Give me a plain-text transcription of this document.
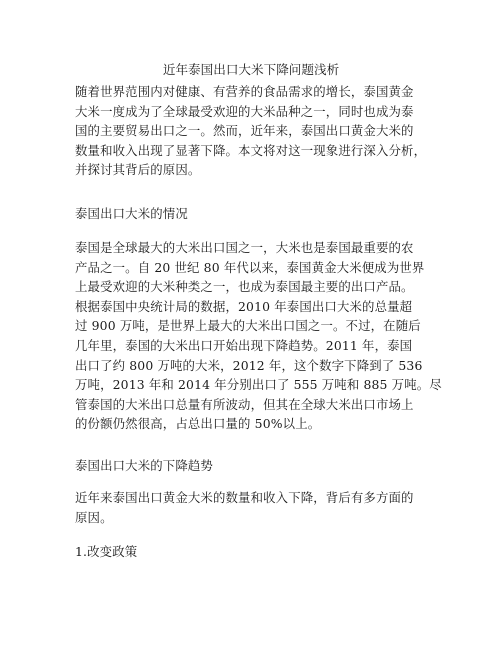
近年泰国出口大米下降问题浅析

随着世界范围内对健康、有营养的食品需求的增长，泰国黄金
大米一度成为了全球最受欢迎的大米品种之一，同时也成为泰
国的主要贸易出口之一。然而，近年来，泰国出口黄金大米的
数量和收入出现了显著下降。本文将对这一现象进行深入分析，
并探讨其背后的原因。

泰国出口大米的情况

泰国是全球最大的大米出口国之一，大米也是泰国最重要的农
产品之一。自 20 世纪 80 年代以来，泰国黄金大米便成为世界
上最受欢迎的大米种类之一，也成为泰国最主要的出口产品。
根据泰国中央统计局的数据，2010 年泰国出口大米的总量超
过 900 万吨，是世界上最大的大米出口国之一。不过，在随后
几年里，泰国的大米出口开始出现下降趋势。2011 年，泰国
出口了约 800 万吨的大米，2012 年，这个数字下降到了 536
万吨，2013 年和 2014 年分别出口了 555 万吨和 885 万吨。尽
管泰国的大米出口总量有所波动，但其在全球大米出口市场上
的份额仍然很高，占总出口量的 50%以上。

泰国出口大米的下降趋势

近年来泰国出口黄金大米的数量和收入下降，背后有多方面的
原因。

1.改变政策
